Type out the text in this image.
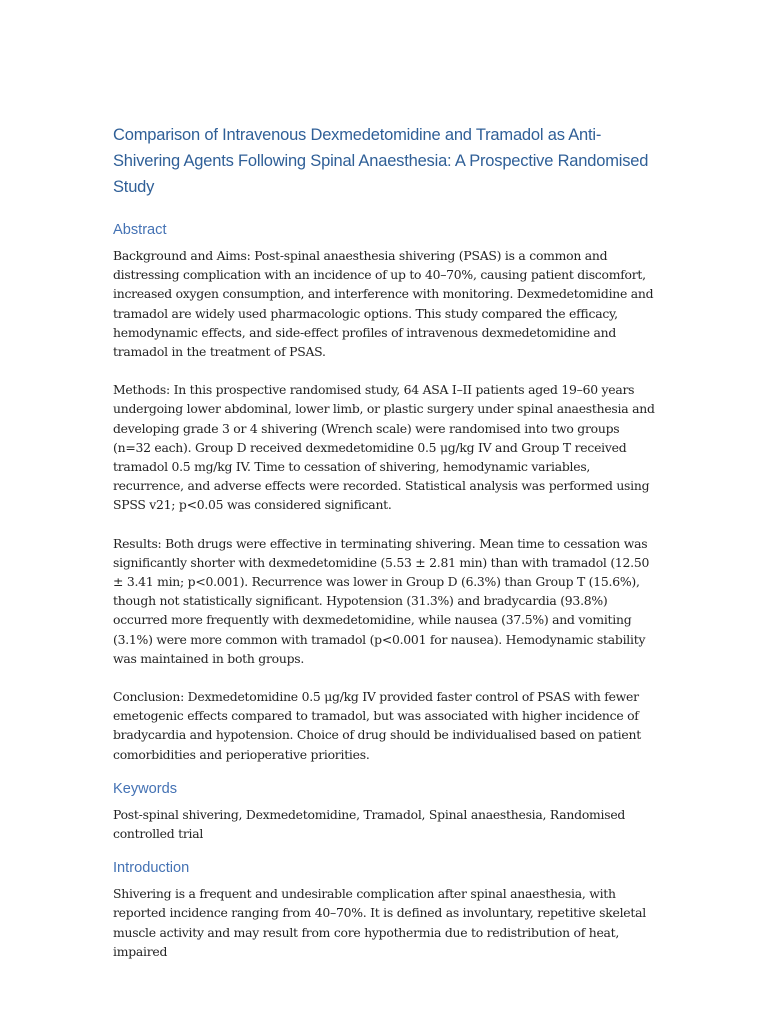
Comparison of Intravenous Dexmedetomidine and Tramadol as Anti-Shivering Agents Following Spinal Anaesthesia: A Prospective Randomised Study
Abstract

Background and Aims: Post-spinal anaesthesia shivering (PSAS) is a common and distressing complication with an incidence of up to 40–70%, causing patient discomfort, increased oxygen consumption, and interference with monitoring. Dexmedetomidine and tramadol are widely used pharmacologic options. This study compared the efficacy, hemodynamic effects, and side-effect profiles of intravenous dexmedetomidine and tramadol in the treatment of PSAS.

Methods: In this prospective randomised study, 64 ASA I–II patients aged 19–60 years undergoing lower abdominal, lower limb, or plastic surgery under spinal anaesthesia and developing grade 3 or 4 shivering (Wrench scale) were randomised into two groups (n=32 each). Group D received dexmedetomidine 0.5 μg/kg IV and Group T received tramadol 0.5 mg/kg IV. Time to cessation of shivering, hemodynamic variables, recurrence, and adverse effects were recorded. Statistical analysis was performed using SPSS v21; p<0.05 was considered significant.

Results: Both drugs were effective in terminating shivering. Mean time to cessation was significantly shorter with dexmedetomidine (5.53 ± 2.81 min) than with tramadol (12.50 ± 3.41 min; p<0.001). Recurrence was lower in Group D (6.3%) than Group T (15.6%), though not statistically significant. Hypotension (31.3%) and bradycardia (93.8%) occurred more frequently with dexmedetomidine, while nausea (37.5%) and vomiting (3.1%) were more common with tramadol (p<0.001 for nausea). Hemodynamic stability was maintained in both groups.

Conclusion: Dexmedetomidine 0.5 μg/kg IV provided faster control of PSAS with fewer emetogenic effects compared to tramadol, but was associated with higher incidence of bradycardia and hypotension. Choice of drug should be individualised based on patient comorbidities and perioperative priorities.

Keywords

Post-spinal shivering, Dexmedetomidine, Tramadol, Spinal anaesthesia, Randomised controlled trial

Introduction

Shivering is a frequent and undesirable complication after spinal anaesthesia, with reported incidence ranging from 40–70%. It is defined as involuntary, repetitive skeletal muscle activity and may result from core hypothermia due to redistribution of heat, impaired
